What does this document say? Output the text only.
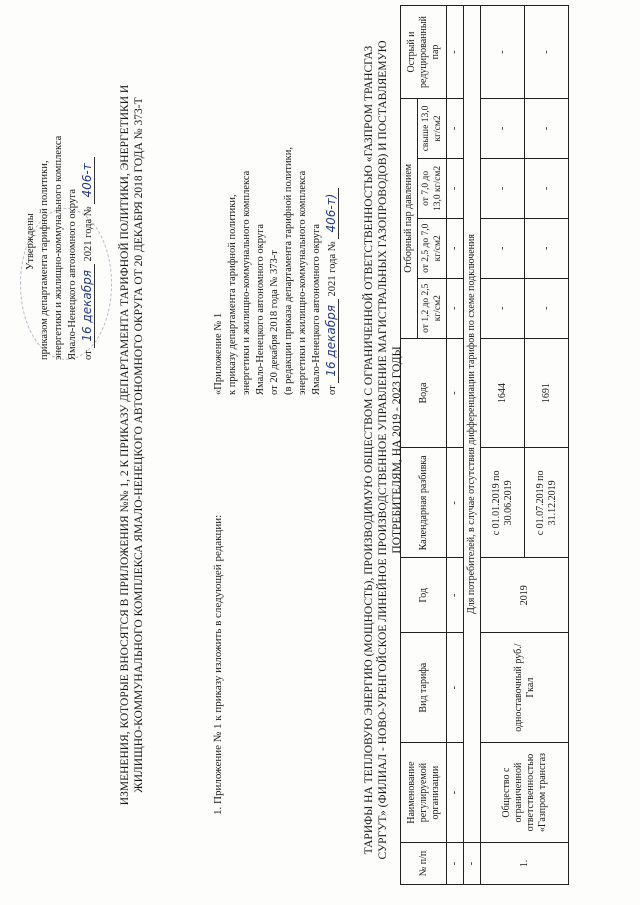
Утверждены приказом департамента тарифной политики, энергетики и жилищно-коммунального комплекса Ямало-Ненецкого автономного округа от 16 декабря 2021 года № 406-т ИЗМЕНЕНИЯ, КОТОРЫЕ ВНОСЯТСЯ В ПРИЛОЖЕНИЯ №№ 1, 2 К ПРИКАЗУ ДЕПАРТАМЕНТА ТАРИФНОЙ ПОЛИТИКИ, ЭНЕРГЕТИКИ И ЖИЛИЩНО-КОММУНАЛЬНОГО КОМПЛЕКСА ЯМАЛО-НЕНЕЦКОГО АВТОНОМНОГО ОКРУГА ОТ 20 ДЕКАБРЯ 2018 ГОДА № 373-Т	1. Приложение № 1 к приказу изложить в следующей редакции:
«Приложение № 1 к приказу департамента тарифной политики, энергетики и жилищно-коммунального комплекса Ямало-Ненецкого автономного округа от 20 декабря 2018 года № 373-т (в редакции приказа департамента тарифной политики, энергетики и жилищно-коммунального комплекса Ямало-Ненецкого автономного округа от 16 декабря 2021 года № 406-т) ТАРИФЫ НА ТЕПЛОВУЮ ЭНЕРГИЮ (МОЩНОСТЬ), ПРОИЗВОДИМУЮ ОБЩЕСТВОМ С ОГРАНИЧЕННОЙ ОТВЕТСТВЕННОСТЬЮ «ГАЗПРОМ ТРАНСГАЗ СУРГУТ» (ФИЛИАЛ - НОВО-УРЕНГОЙСКОЕ ЛИНЕЙНОЕ ПРОИЗВОДСТВЕННОЕ УПРАВЛЕНИЕ МАГИСТРАЛЬНЫХ ГАЗОПРОВОДОВ) И ПОСТАВЛЯЕМУЮ ПОТРЕБИТЕЛЯМ, НА 2019 - 2023 ГОДЫ
№ п/п	Наименование регулируемой организации	Вид тарифа	Год	Календарная разбивка	Вода	Отборный пар давлением				Острый и редуцированный пар
						от 1,2 до 2,5 кг/см2	от 2,5 до 7,0 кг/см2	от 7,0 до 13,0 кг/см2	свыше 13,0 кг/см2	
-	-	-	-	-	-	-	-	-	-	-
-	Для потребителей, в случае отсутствия дифференциации тарифов по схеме подключения									
1.	Общество с ограниченной ответственностью «Газпром трансгаз	одноставочный руб./Гкал	2019	с 01.01.2019 по 30.06.2019	1644	-	-	-	-	-
				с 01.07.2019 по 31.12.2019	1691	-	-	-	-	-
